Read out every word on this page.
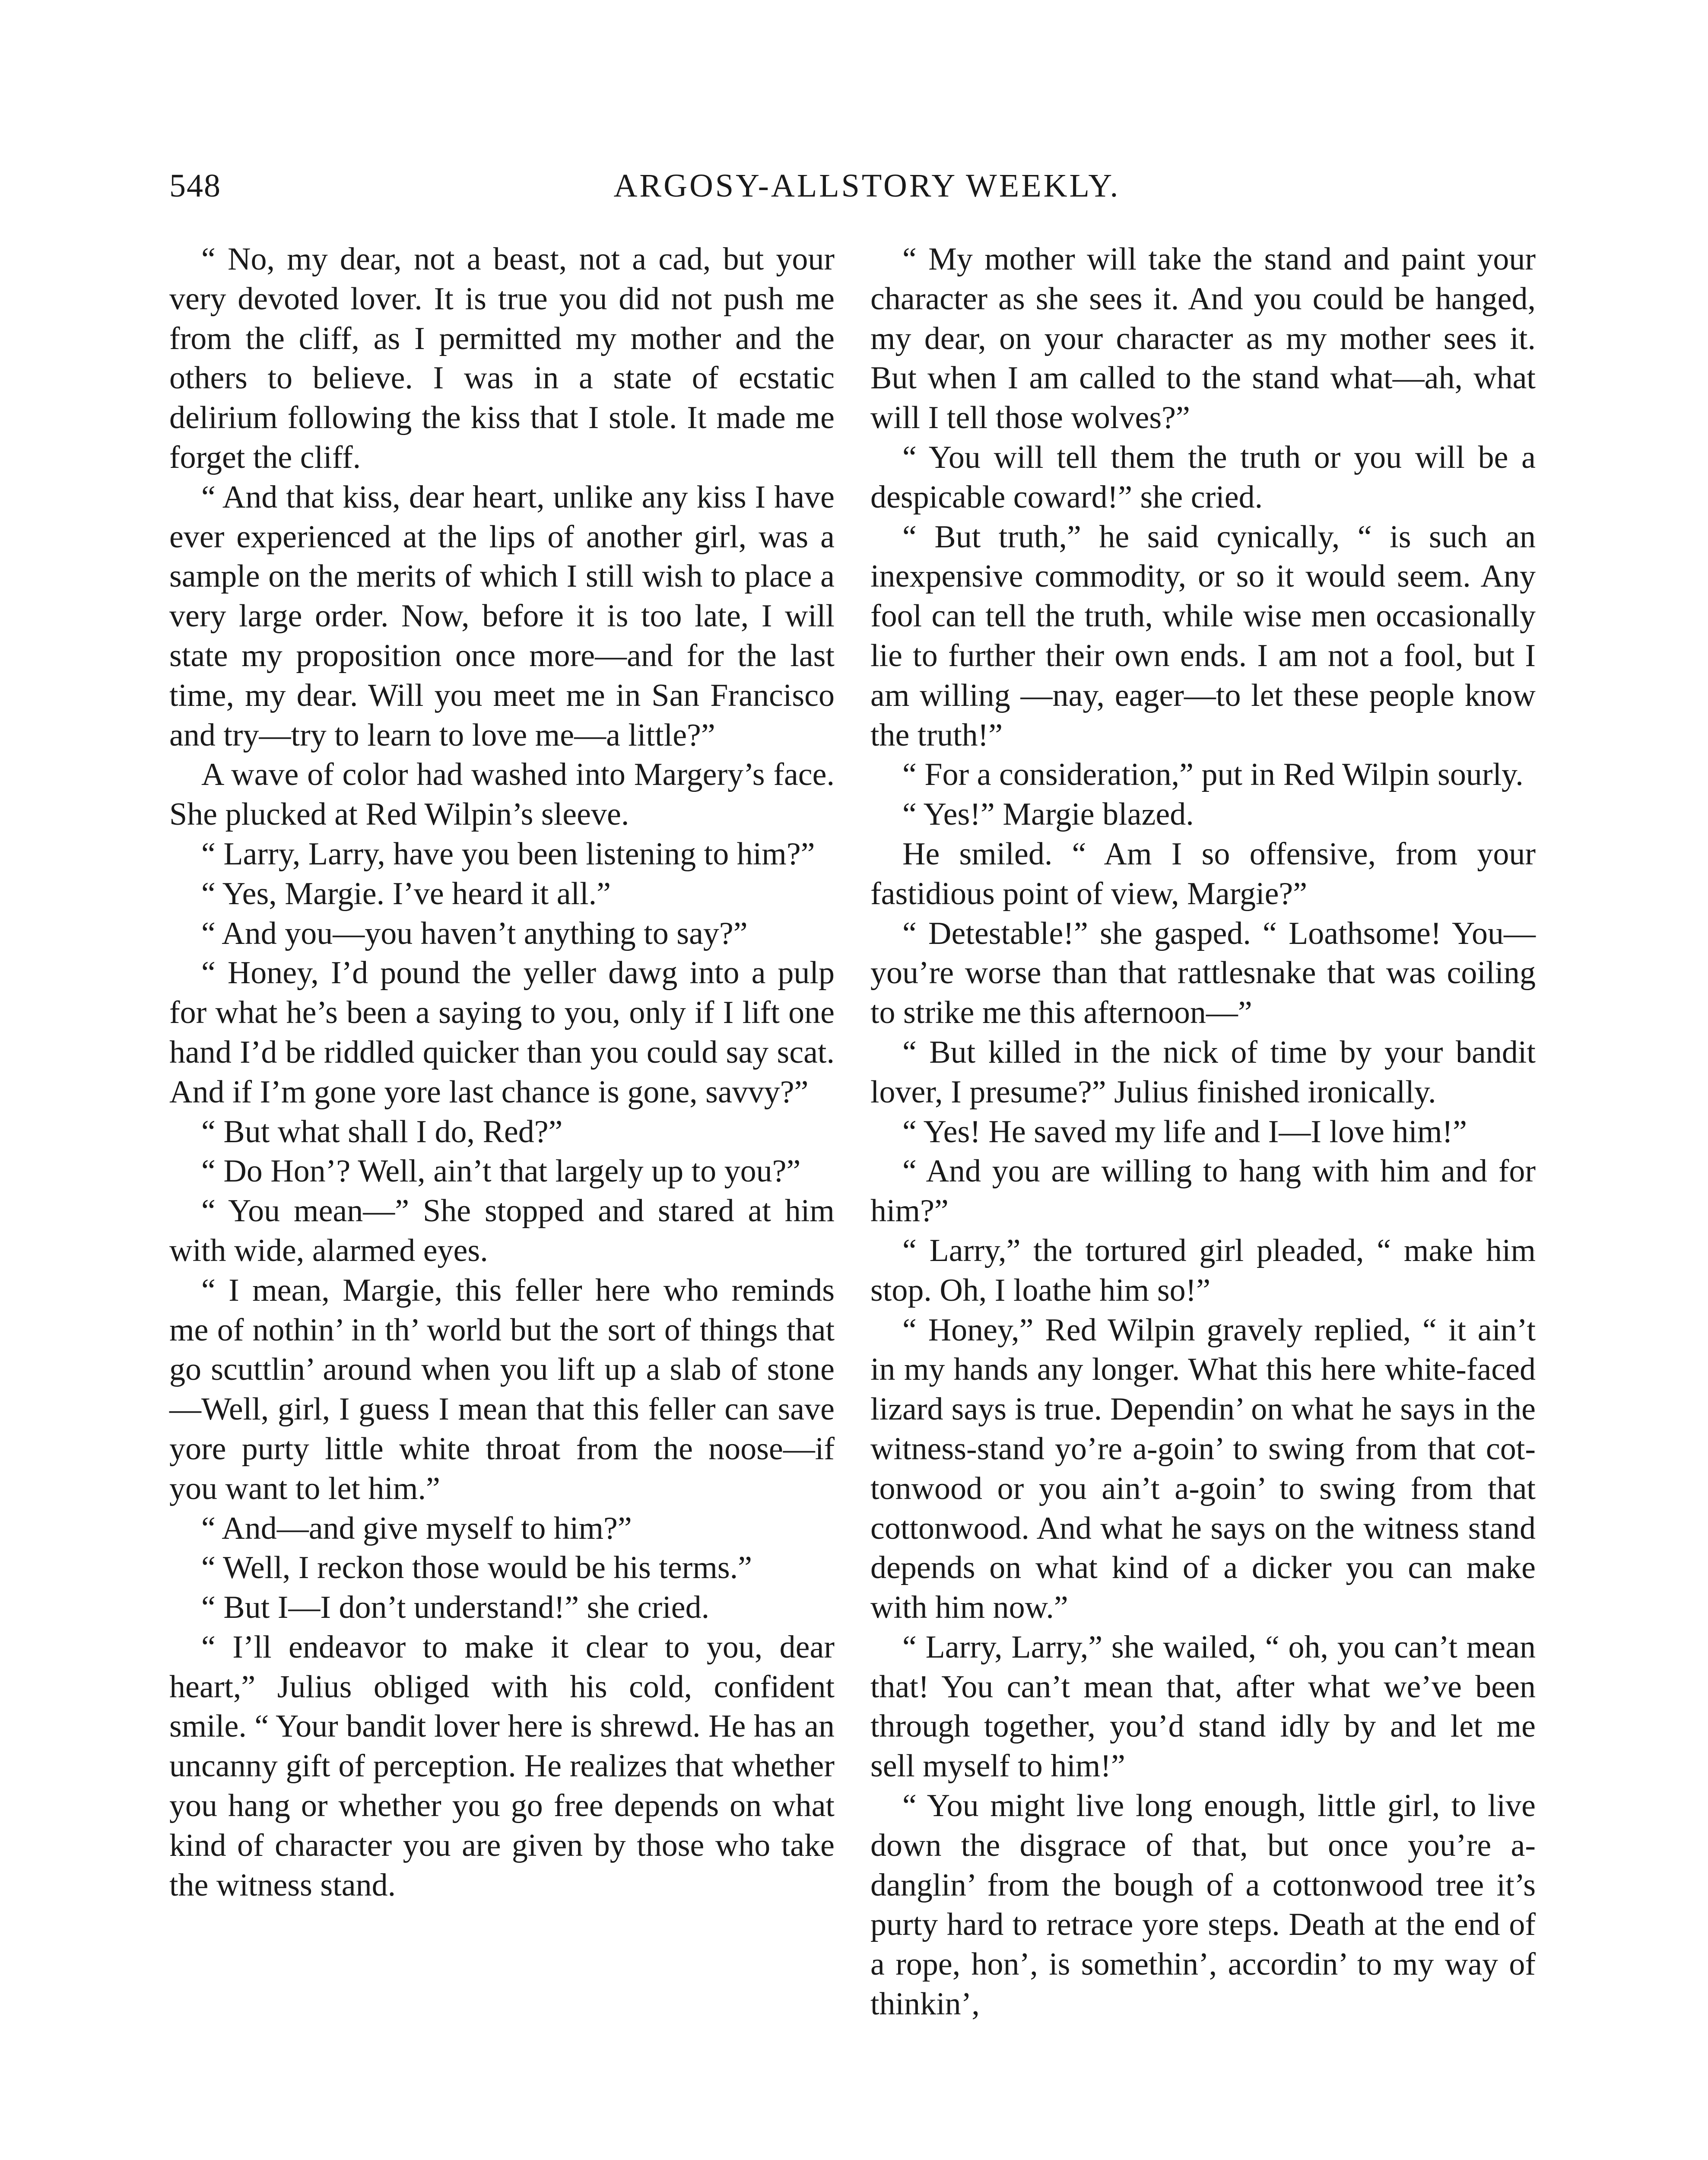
548	ARGOSY-ALLSTORY WEEKLY.

“ No, my dear, not a beast, not a cad, but your very devoted lover. It is true you did not push me from the cliff, as I permitted my mother and the others to believe. I was in a state of ecstatic delirium following the kiss that I stole. It made me forget the cliff.

“ And that kiss, dear heart, unlike any kiss I have ever experienced at the lips of another girl, was a sample on the merits of which I still wish to place a very large order. Now, before it is too late, I will state my proposition once more—and for the last time, my dear. Will you meet me in San Francisco and try—try to learn to love me—a little?”

A wave of color had washed into Margery’s face. She plucked at Red Wilpin’s sleeve.

“ Larry, Larry, have you been listening to him?”

“ Yes, Margie. I’ve heard it all.”

“ And you—you haven’t anything to say?”

“ Honey, I’d pound the yeller dawg into a pulp for what he’s been a saying to you, only if I lift one hand I’d be riddled quicker than you could say scat. And if I’m gone yore last chance is gone, savvy?”

“ But what shall I do, Red?”

“ Do Hon’? Well, ain’t that largely up to you?”

“ You mean—” She stopped and stared at him with wide, alarmed eyes.

“ I mean, Margie, this feller here who reminds me of nothin’ in th’ world but the sort of things that go scuttlin’ around when you lift up a slab of stone—Well, girl, I guess I mean that this feller can save yore purty little white throat from the noose—if you want to let him.”

“ And—and give myself to him?”

“ Well, I reckon those would be his terms.”

“ But I—I don’t understand!” she cried.

“ I’ll endeavor to make it clear to you, dear heart,” Julius obliged with his cold, confident smile. “ Your bandit lover here is shrewd. He has an uncanny gift of perception. He realizes that whether you hang or whether you go free depends on what kind of character you are given by those who take the witness stand.

“ My mother will take the stand and paint your character as she sees it. And you could be hanged, my dear, on your character as my mother sees it. But when I am called to the stand what—ah, what will I tell those wolves?”

“ You will tell them the truth or you will be a despicable coward!” she cried.

“ But truth,” he said cynically, “ is such an inexpensive commodity, or so it would seem. Any fool can tell the truth, while wise men occasionally lie to further their own ends. I am not a fool, but I am willing —nay, eager—to let these people know the truth!”

“ For a consideration,” put in Red Wilpin sourly.

“ Yes!” Margie blazed.

He smiled. “ Am I so offensive, from your fastidious point of view, Margie?”

“ Detestable!” she gasped. “ Loathsome! You—you’re worse than that rattlesnake that was coiling to strike me this afternoon—”

“ But killed in the nick of time by your bandit lover, I presume?” Julius finished ironically.

“ Yes! He saved my life and I—I love him!”

“ And you are willing to hang with him and for him?”

“ Larry,” the tortured girl pleaded, “ make him stop. Oh, I loathe him so!”

“ Honey,” Red Wilpin gravely replied, “ it ain’t in my hands any longer. What this here white-faced lizard says is true. Dependin’ on what he says in the witness-stand yo’re a-goin’ to swing from that cottonwood or you ain’t a-goin’ to swing from that cottonwood. And what he says on the witness stand depends on what kind of a dicker you can make with him now.”

“ Larry, Larry,” she wailed, “ oh, you can’t mean that! You can’t mean that, after what we’ve been through together, you’d stand idly by and let me sell myself to him!”

“ You might live long enough, little girl, to live down the disgrace of that, but once you’re a-danglin’ from the bough of a cottonwood tree it’s purty hard to retrace yore steps. Death at the end of a rope, hon’, is somethin’, accordin’ to my way of thinkin’,
